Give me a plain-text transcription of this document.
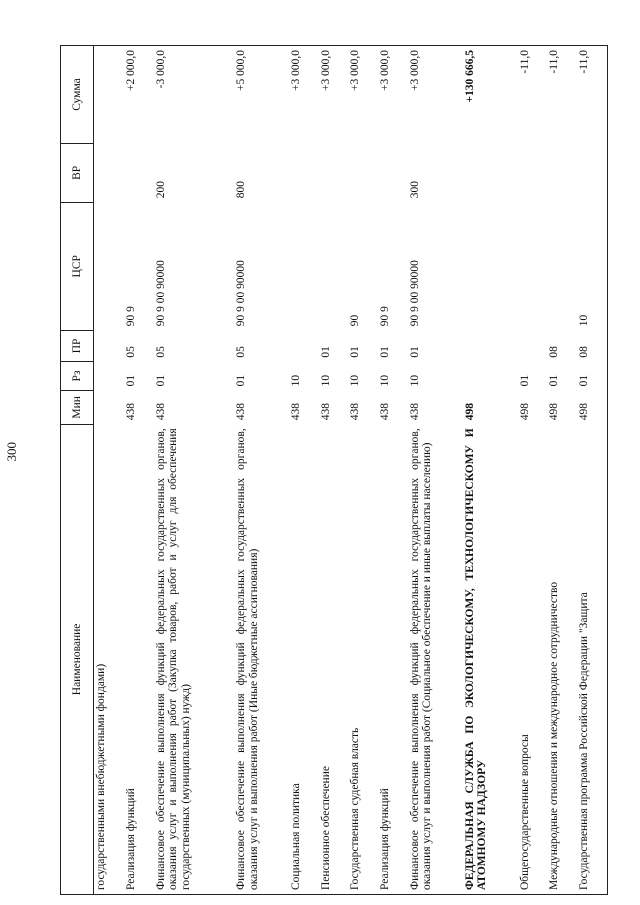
300
Наименование	Мин	Рз	ПР	ЦСР	ВР	Сумма
государственными внебюджетными фондами)						
Реализация функций	438	01	05	90 9		+2 000,0
Финансовое обеспечение выполнения функций федеральных государственных органов, оказания услуг и выполнения работ (Закупка товаров, работ и услуг для обеспечения государственных (муниципальных) нужд)	438	01	05	90 9 00 90000	200	-3 000,0
Финансовое обеспечение выполнения функций федеральных государственных органов, оказания услуг и выполнения работ (Иные бюджетные ассигнования)	438	01	05	90 9 00 90000	800	+5 000,0
Социальная политика	438	10				+3 000,0
Пенсионное обеспечение	438	10	01			+3 000,0
Государственная судебная власть	438	10	01	90		+3 000,0
Реализация функций	438	10	01	90 9		+3 000,0
Финансовое обеспечение выполнения функций федеральных государственных органов, оказания услуг и выполнения работ (Социальное обеспечение и иные выплаты населению)	438	10	01	90 9 00 90000	300	+3 000,0
ФЕДЕРАЛЬНАЯ СЛУЖБА ПО ЭКОЛОГИЧЕСКОМУ, ТЕХНОЛОГИЧЕСКОМУ И АТОМНОМУ НАДЗОРУ	498					+130 666,5
Общегосударственные вопросы	498	01				-11,0
Международные отношения и международное сотрудничество	498	01	08			-11,0
Государственная программа Российской Федерации "Защита	498	01	08	10		-11,0
